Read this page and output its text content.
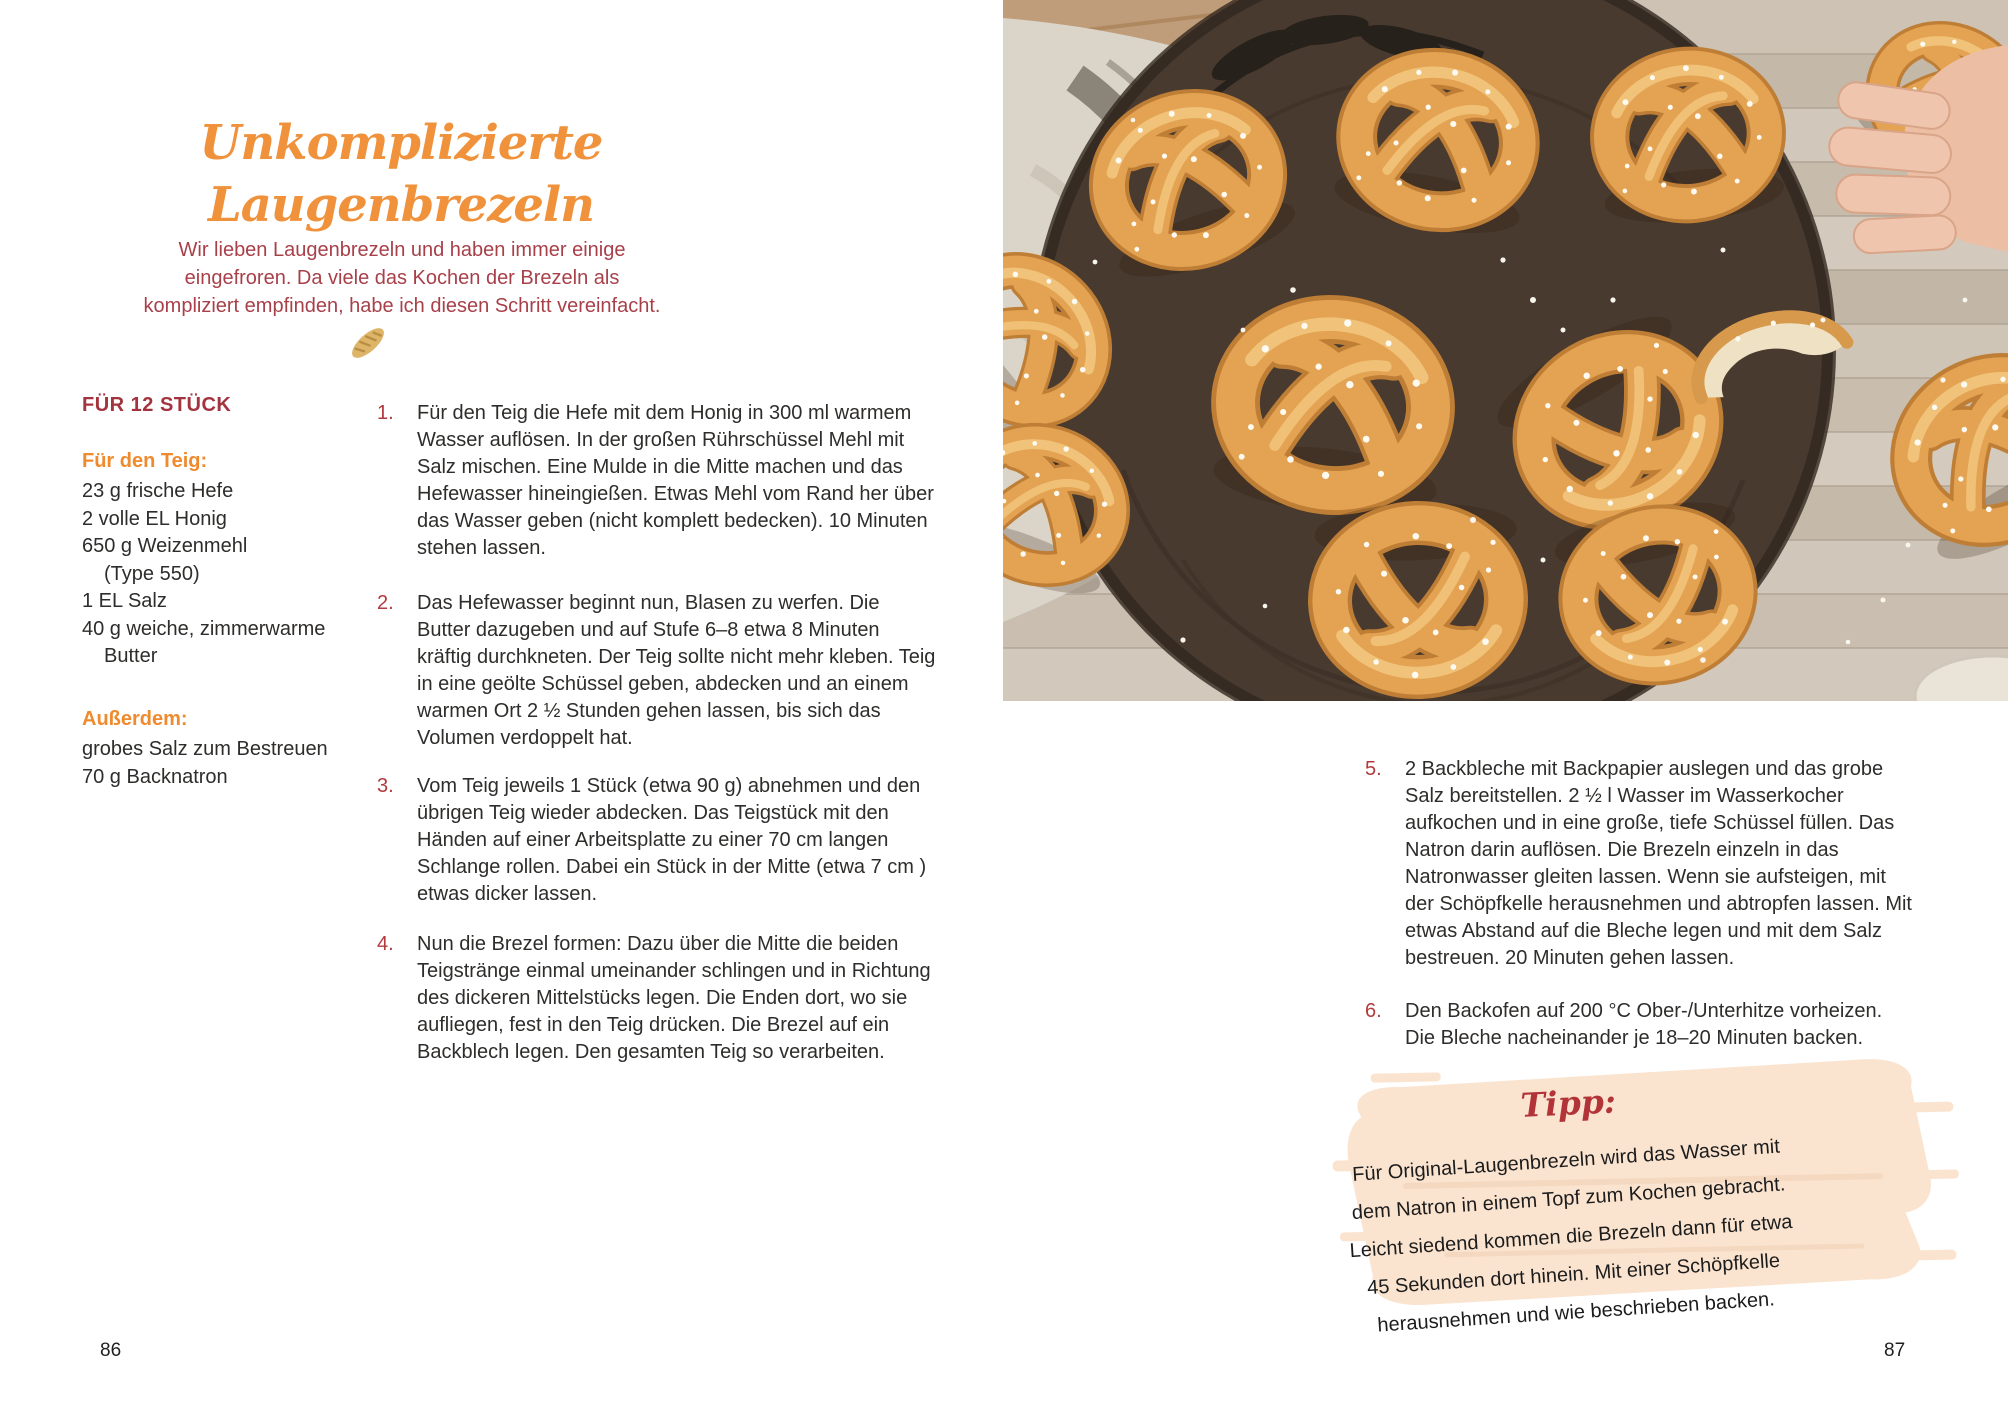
Unkomplizierte Laugenbrezeln

Wir lieben Laugenbrezeln und haben immer einige eingefroren. Da viele das Kochen der Brezeln als kompliziert empfinden, habe ich diesen Schritt vereinfacht.

FÜR 12 STÜCK
Für den Teig:
23 g frische Hefe
2 volle EL Honig
650 g Weizenmehl
(Type 550)
1 EL Salz
40 g weiche, zimmerwarme
Butter
Außerdem:
grobes Salz zum Bestreuen
70 g Backnatron
1. Für den Teig die Hefe mit dem Honig in 300 ml warmem Wasser auflösen. In der großen Rührschüssel Mehl mit Salz mischen. Eine Mulde in die Mitte machen und das Hefewasser hineingießen. Etwas Mehl vom Rand her über das Wasser geben (nicht komplett bedecken). 10 Minuten stehen lassen.
2. Das Hefewasser beginnt nun, Blasen zu werfen. Die Butter dazugeben und auf Stufe 6–8 etwa 8 Minuten kräftig durchkneten. Der Teig sollte nicht mehr kleben. Teig in eine geölte Schüssel geben, abdecken und an einem warmen Ort 2 ½ Stunden gehen lassen, bis sich das Volumen verdoppelt hat.
3. Vom Teig jeweils 1 Stück (etwa 90 g) abnehmen und den übrigen Teig wieder abdecken. Das Teigstück mit den Händen auf einer Arbeitsplatte zu einer 70 cm langen Schlange rollen. Dabei ein Stück in der Mitte (etwa 7 cm ) etwas dicker lassen.
4. Nun die Brezel formen: Dazu über die Mitte die beiden Teigstränge einmal umeinander schlingen und in Richtung des dickeren Mittelstücks legen. Die Enden dort, wo sie aufliegen, fest in den Teig drücken. Die Brezel auf ein Backblech legen. Den gesamten Teig so verarbeiten.
86
5. 2 Backbleche mit Backpapier auslegen und das grobe Salz bereitstellen. 2 ½ l Wasser im Wasserkocher aufkochen und in eine große, tiefe Schüssel füllen. Das Natron darin auflösen. Die Brezeln einzeln in das Natronwasser gleiten lassen. Wenn sie aufsteigen, mit der Schöpfkelle herausnehmen und abtropfen lassen. Mit etwas Abstand auf die Bleche legen und mit dem Salz bestreuen. 20 Minuten gehen lassen.
6. Den Backofen auf 200 °C Ober-/Unterhitze vorheizen. Die Bleche nacheinander je 18–20 Minuten backen.
Tipp:
Für Original-Laugenbrezeln wird das Wasser mit
dem Natron in einem Topf zum Kochen gebracht.
Leicht siedend kommen die Brezeln dann für etwa
45 Sekunden dort hinein. Mit einer Schöpfkelle
herausnehmen und wie beschrieben backen.
87
